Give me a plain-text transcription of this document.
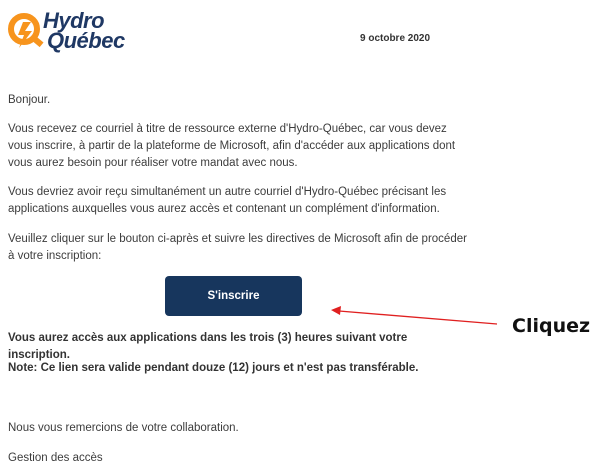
Hydro
Québec	9 octobre 2020

Bonjour.

Vous recevez ce courriel à titre de ressource externe d'Hydro-Québec, car vous devez vous inscrire, à partir de la plateforme de Microsoft, afin d'accéder aux applications dont vous aurez besoin pour réaliser votre mandat avec nous.

Vous devriez avoir reçu simultanément un autre courriel d'Hydro-Québec précisant les applications auxquelles vous aurez accès et contenant un complément d'information.

Veuillez cliquer sur le bouton ci-après et suivre les directives de Microsoft afin de procéder à votre inscription:

S'inscrire
Cliquez

Vous aurez accès aux applications dans les trois (3) heures suivant votre inscription.

Note: Ce lien sera valide pendant douze (12) jours et n'est pas transférable.

Nous vous remercions de votre collaboration.

Gestion des accès
